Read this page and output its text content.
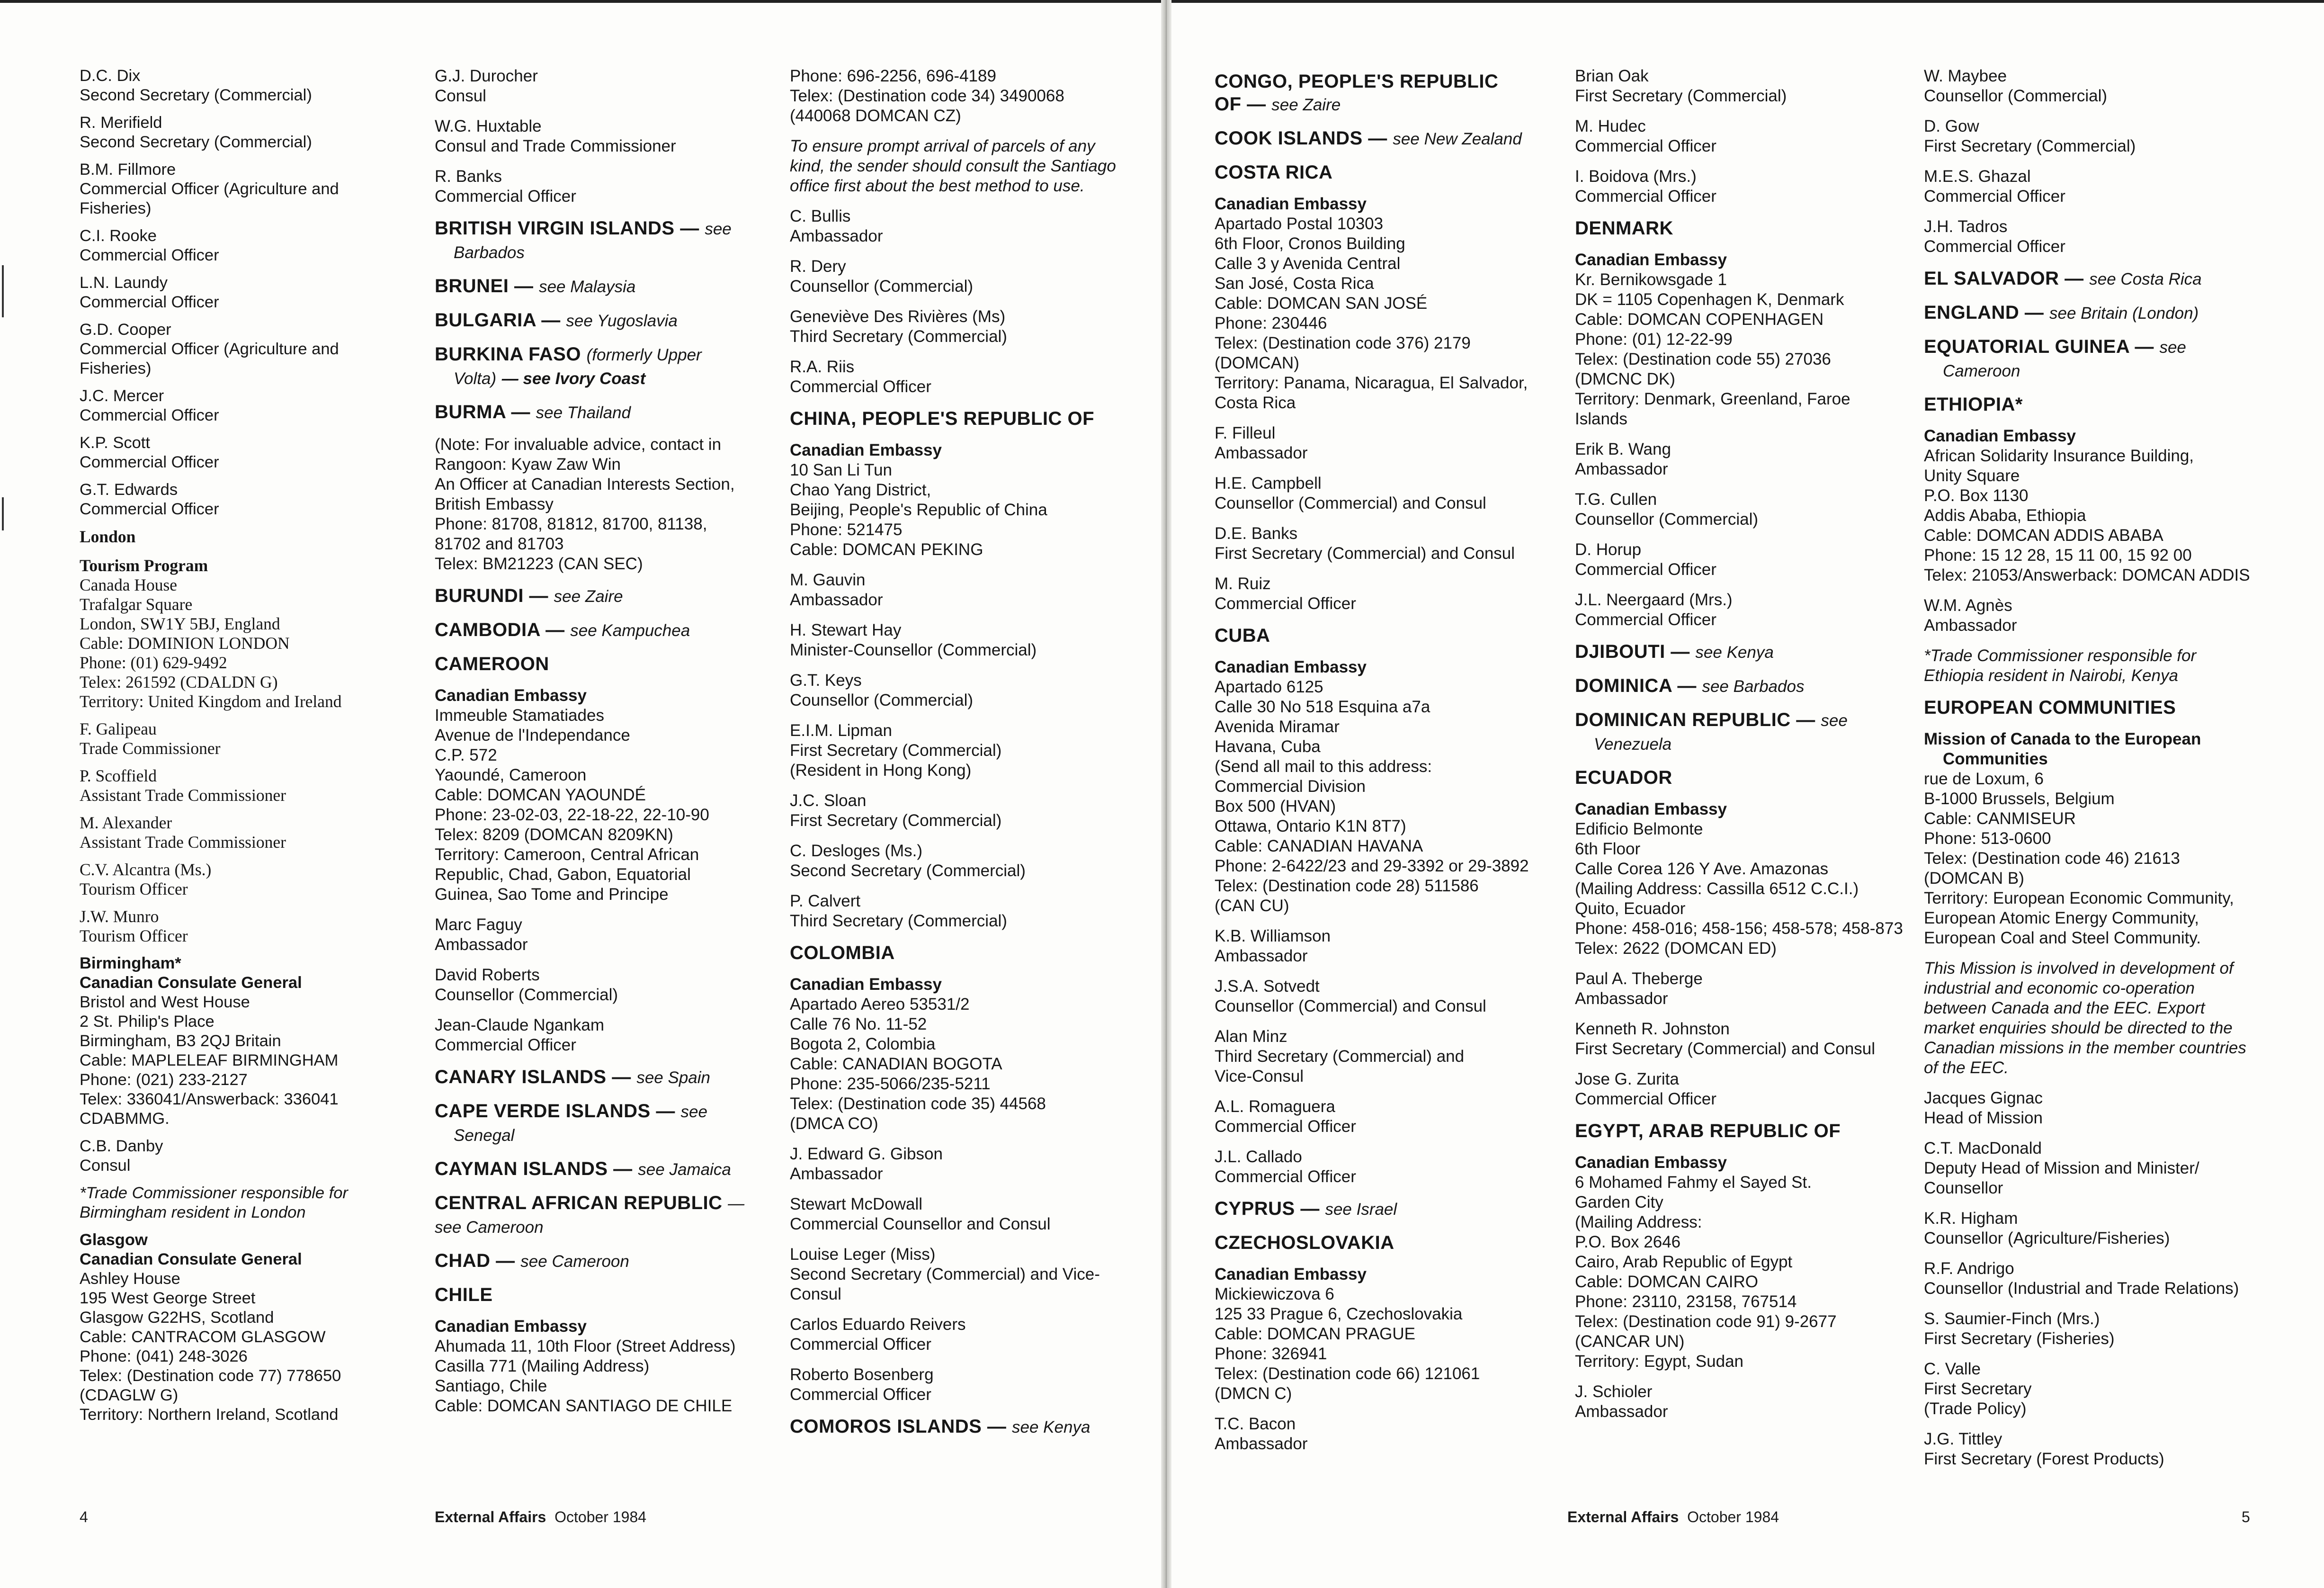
D.C. Dix
Second Secretary (Commercial)
R. Merifield
Second Secretary (Commercial)
B.M. Fillmore
Commercial Officer (Agriculture and
Fisheries)
C.I. Rooke
Commercial Officer
L.N. Laundy
Commercial Officer
G.D. Cooper
Commercial Officer (Agriculture and
Fisheries)
J.C. Mercer
Commercial Officer
K.P. Scott
Commercial Officer
G.T. Edwards
Commercial Officer
London
Tourism Program
Canada House
Trafalgar Square
London, SW1Y 5BJ, England
Cable: DOMINION LONDON
Phone: (01) 629-9492
Telex: 261592 (CDALDN G)
Territory: United Kingdom and Ireland
F. Galipeau
Trade Commissioner
P. Scoffield
Assistant Trade Commissioner
M. Alexander
Assistant Trade Commissioner
C.V. Alcantra (Ms.)
Tourism Officer
J.W. Munro
Tourism Officer
Birmingham*
Canadian Consulate General
Bristol and West House
2 St. Philip's Place
Birmingham, B3 2QJ Britain
Cable: MAPLELEAF BIRMINGHAM
Phone: (021) 233-2127
Telex: 336041/Answerback: 336041
CDABMMG.
C.B. Danby
Consul
*Trade Commissioner responsible for Birmingham resident in London
Glasgow
Canadian Consulate General
Ashley House
195 West George Street
Glasgow G22HS, Scotland
Cable: CANTRACOM GLASGOW
Phone: (041) 248-3026
Telex: (Destination code 77) 778650
(CDAGLW G)
Territory: Northern Ireland, Scotland
G.J. Durocher
Consul
W.G. Huxtable
Consul and Trade Commissioner
R. Banks
Commercial Officer
BRITISH VIRGIN ISLANDS — see
Barbados
BRUNEI — see Malaysia
BULGARIA — see Yugoslavia
BURKINA FASO (formerly Upper
Volta) — see Ivory Coast
BURMA — see Thailand
(Note: For invaluable advice, contact in
Rangoon: Kyaw Zaw Win
An Officer at Canadian Interests Section,
British Embassy
Phone: 81708, 81812, 81700, 81138,
81702 and 81703
Telex: BM21223 (CAN SEC)
BURUNDI — see Zaire
CAMBODIA — see Kampuchea
CAMEROON
Canadian Embassy
Immeuble Stamatiades
Avenue de l'Independance
C.P. 572
Yaoundé, Cameroon
Cable: DOMCAN YAOUNDÉ
Phone: 23-02-03, 22-18-22, 22-10-90
Telex: 8209 (DOMCAN 8209KN)
Territory: Cameroon, Central African
Republic, Chad, Gabon, Equatorial
Guinea, Sao Tome and Principe
Marc Faguy
Ambassador
David Roberts
Counsellor (Commercial)
Jean-Claude Ngankam
Commercial Officer
CANARY ISLANDS — see Spain
CAPE VERDE ISLANDS — see
Senegal
CAYMAN ISLANDS — see Jamaica
CENTRAL AFRICAN REPUBLIC — see Cameroon
CHAD — see Cameroon
CHILE
Canadian Embassy
Ahumada 11, 10th Floor (Street Address)
Casilla 771 (Mailing Address)
Santiago, Chile
Cable: DOMCAN SANTIAGO DE CHILE
Phone: 696-2256, 696-4189
Telex: (Destination code 34) 3490068
(440068 DOMCAN CZ)
To ensure prompt arrival of parcels of any kind, the sender should consult the Santiago office first about the best method to use.
C. Bullis
Ambassador
R. Dery
Counsellor (Commercial)
Geneviève Des Rivières (Ms)
Third Secretary (Commercial)
R.A. Riis
Commercial Officer
CHINA, PEOPLE'S REPUBLIC OF
Canadian Embassy
10 San Li Tun
Chao Yang District,
Beijing, People's Republic of China
Phone: 521475
Cable: DOMCAN PEKING
M. Gauvin
Ambassador
H. Stewart Hay
Minister-Counsellor (Commercial)
G.T. Keys
Counsellor (Commercial)
E.I.M. Lipman
First Secretary (Commercial)
(Resident in Hong Kong)
J.C. Sloan
First Secretary (Commercial)
C. Desloges (Ms.)
Second Secretary (Commercial)
P. Calvert
Third Secretary (Commercial)
COLOMBIA
Canadian Embassy
Apartado Aereo 53531/2
Calle 76 No. 11-52
Bogota 2, Colombia
Cable: CANADIAN BOGOTA
Phone: 235-5066/235-5211
Telex: (Destination code 35) 44568
(DMCA CO)
J. Edward G. Gibson
Ambassador
Stewart McDowall
Commercial Counsellor and Consul
Louise Leger (Miss)
Second Secretary (Commercial) and Vice-
Consul
Carlos Eduardo Reivers
Commercial Officer
Roberto Bosenberg
Commercial Officer
COMOROS ISLANDS — see Kenya
4	External Affairs October 1984
CONGO, PEOPLE'S REPUBLIC
OF — see Zaire
COOK ISLANDS — see New Zealand
COSTA RICA
Canadian Embassy
Apartado Postal 10303
6th Floor, Cronos Building
Calle 3 y Avenida Central
San José, Costa Rica
Cable: DOMCAN SAN JOSÉ
Phone: 230446
Telex: (Destination code 376) 2179
(DOMCAN)
Territory: Panama, Nicaragua, El Salvador,
Costa Rica
F. Filleul
Ambassador
H.E. Campbell
Counsellor (Commercial) and Consul
D.E. Banks
First Secretary (Commercial) and Consul
M. Ruiz
Commercial Officer
CUBA
Canadian Embassy
Apartado 6125
Calle 30 No 518 Esquina a7a
Avenida Miramar
Havana, Cuba
(Send all mail to this address:
Commercial Division
Box 500 (HVAN)
Ottawa, Ontario K1N 8T7)
Cable: CANADIAN HAVANA
Phone: 2-6422/23 and 29-3392 or 29-3892
Telex: (Destination code 28) 511586
(CAN CU)
K.B. Williamson
Ambassador
J.S.A. Sotvedt
Counsellor (Commercial) and Consul
Alan Minz
Third Secretary (Commercial) and
Vice-Consul
A.L. Romaguera
Commercial Officer
J.L. Callado
Commercial Officer
CYPRUS — see Israel
CZECHOSLOVAKIA
Canadian Embassy
Mickiewiczova 6
125 33 Prague 6, Czechoslovakia
Cable: DOMCAN PRAGUE
Phone: 326941
Telex: (Destination code 66) 121061
(DMCN C)
T.C. Bacon
Ambassador
Brian Oak
First Secretary (Commercial)
M. Hudec
Commercial Officer
I. Boidova (Mrs.)
Commercial Officer
DENMARK
Canadian Embassy
Kr. Bernikowsgade 1
DK = 1105 Copenhagen K, Denmark
Cable: DOMCAN COPENHAGEN
Phone: (01) 12-22-99
Telex: (Destination code 55) 27036
(DMCNC DK)
Territory: Denmark, Greenland, Faroe
Islands
Erik B. Wang
Ambassador
T.G. Cullen
Counsellor (Commercial)
D. Horup
Commercial Officer
J.L. Neergaard (Mrs.)
Commercial Officer
DJIBOUTI — see Kenya
DOMINICA — see Barbados
DOMINICAN REPUBLIC — see
Venezuela
ECUADOR
Canadian Embassy
Edificio Belmonte
6th Floor
Calle Corea 126 Y Ave. Amazonas
(Mailing Address: Cassilla 6512 C.C.I.)
Quito, Ecuador
Phone: 458-016; 458-156; 458-578; 458-873
Telex: 2622 (DOMCAN ED)
Paul A. Theberge
Ambassador
Kenneth R. Johnston
First Secretary (Commercial) and Consul
Jose G. Zurita
Commercial Officer
EGYPT, ARAB REPUBLIC OF
Canadian Embassy
6 Mohamed Fahmy el Sayed St.
Garden City
(Mailing Address:
P.O. Box 2646
Cairo, Arab Republic of Egypt
Cable: DOMCAN CAIRO
Phone: 23110, 23158, 767514
Telex: (Destination code 91) 9-2677
(CANCAR UN)
Territory: Egypt, Sudan
J. Schioler
Ambassador
W. Maybee
Counsellor (Commercial)
D. Gow
First Secretary (Commercial)
M.E.S. Ghazal
Commercial Officer
J.H. Tadros
Commercial Officer
EL SALVADOR — see Costa Rica
ENGLAND — see Britain (London)
EQUATORIAL GUINEA — see
Cameroon
ETHIOPIA*
Canadian Embassy
African Solidarity Insurance Building,
Unity Square
P.O. Box 1130
Addis Ababa, Ethiopia
Cable: DOMCAN ADDIS ABABA
Phone: 15 12 28, 15 11 00, 15 92 00
Telex: 21053/Answerback: DOMCAN ADDIS
W.M. Agnès
Ambassador
*Trade Commissioner responsible for Ethiopia resident in Nairobi, Kenya
EUROPEAN COMMUNITIES
Mission of Canada to the European
Communities
rue de Loxum, 6
B-1000 Brussels, Belgium
Cable: CANMISEUR
Phone: 513-0600
Telex: (Destination code 46) 21613
(DOMCAN B)
Territory: European Economic Community,
European Atomic Energy Community,
European Coal and Steel Community.
This Mission is involved in development of industrial and economic co-operation between Canada and the EEC. Export market enquiries should be directed to the Canadian missions in the member countries of the EEC.
Jacques Gignac
Head of Mission
C.T. MacDonald
Deputy Head of Mission and Minister/
Counsellor
K.R. Higham
Counsellor (Agriculture/Fisheries)
R.F. Andrigo
Counsellor (Industrial and Trade Relations)
S. Saumier-Finch (Mrs.)
First Secretary (Fisheries)
C. Valle
First Secretary
(Trade Policy)
J.G. Tittley
First Secretary (Forest Products)
External Affairs October 1984	5
